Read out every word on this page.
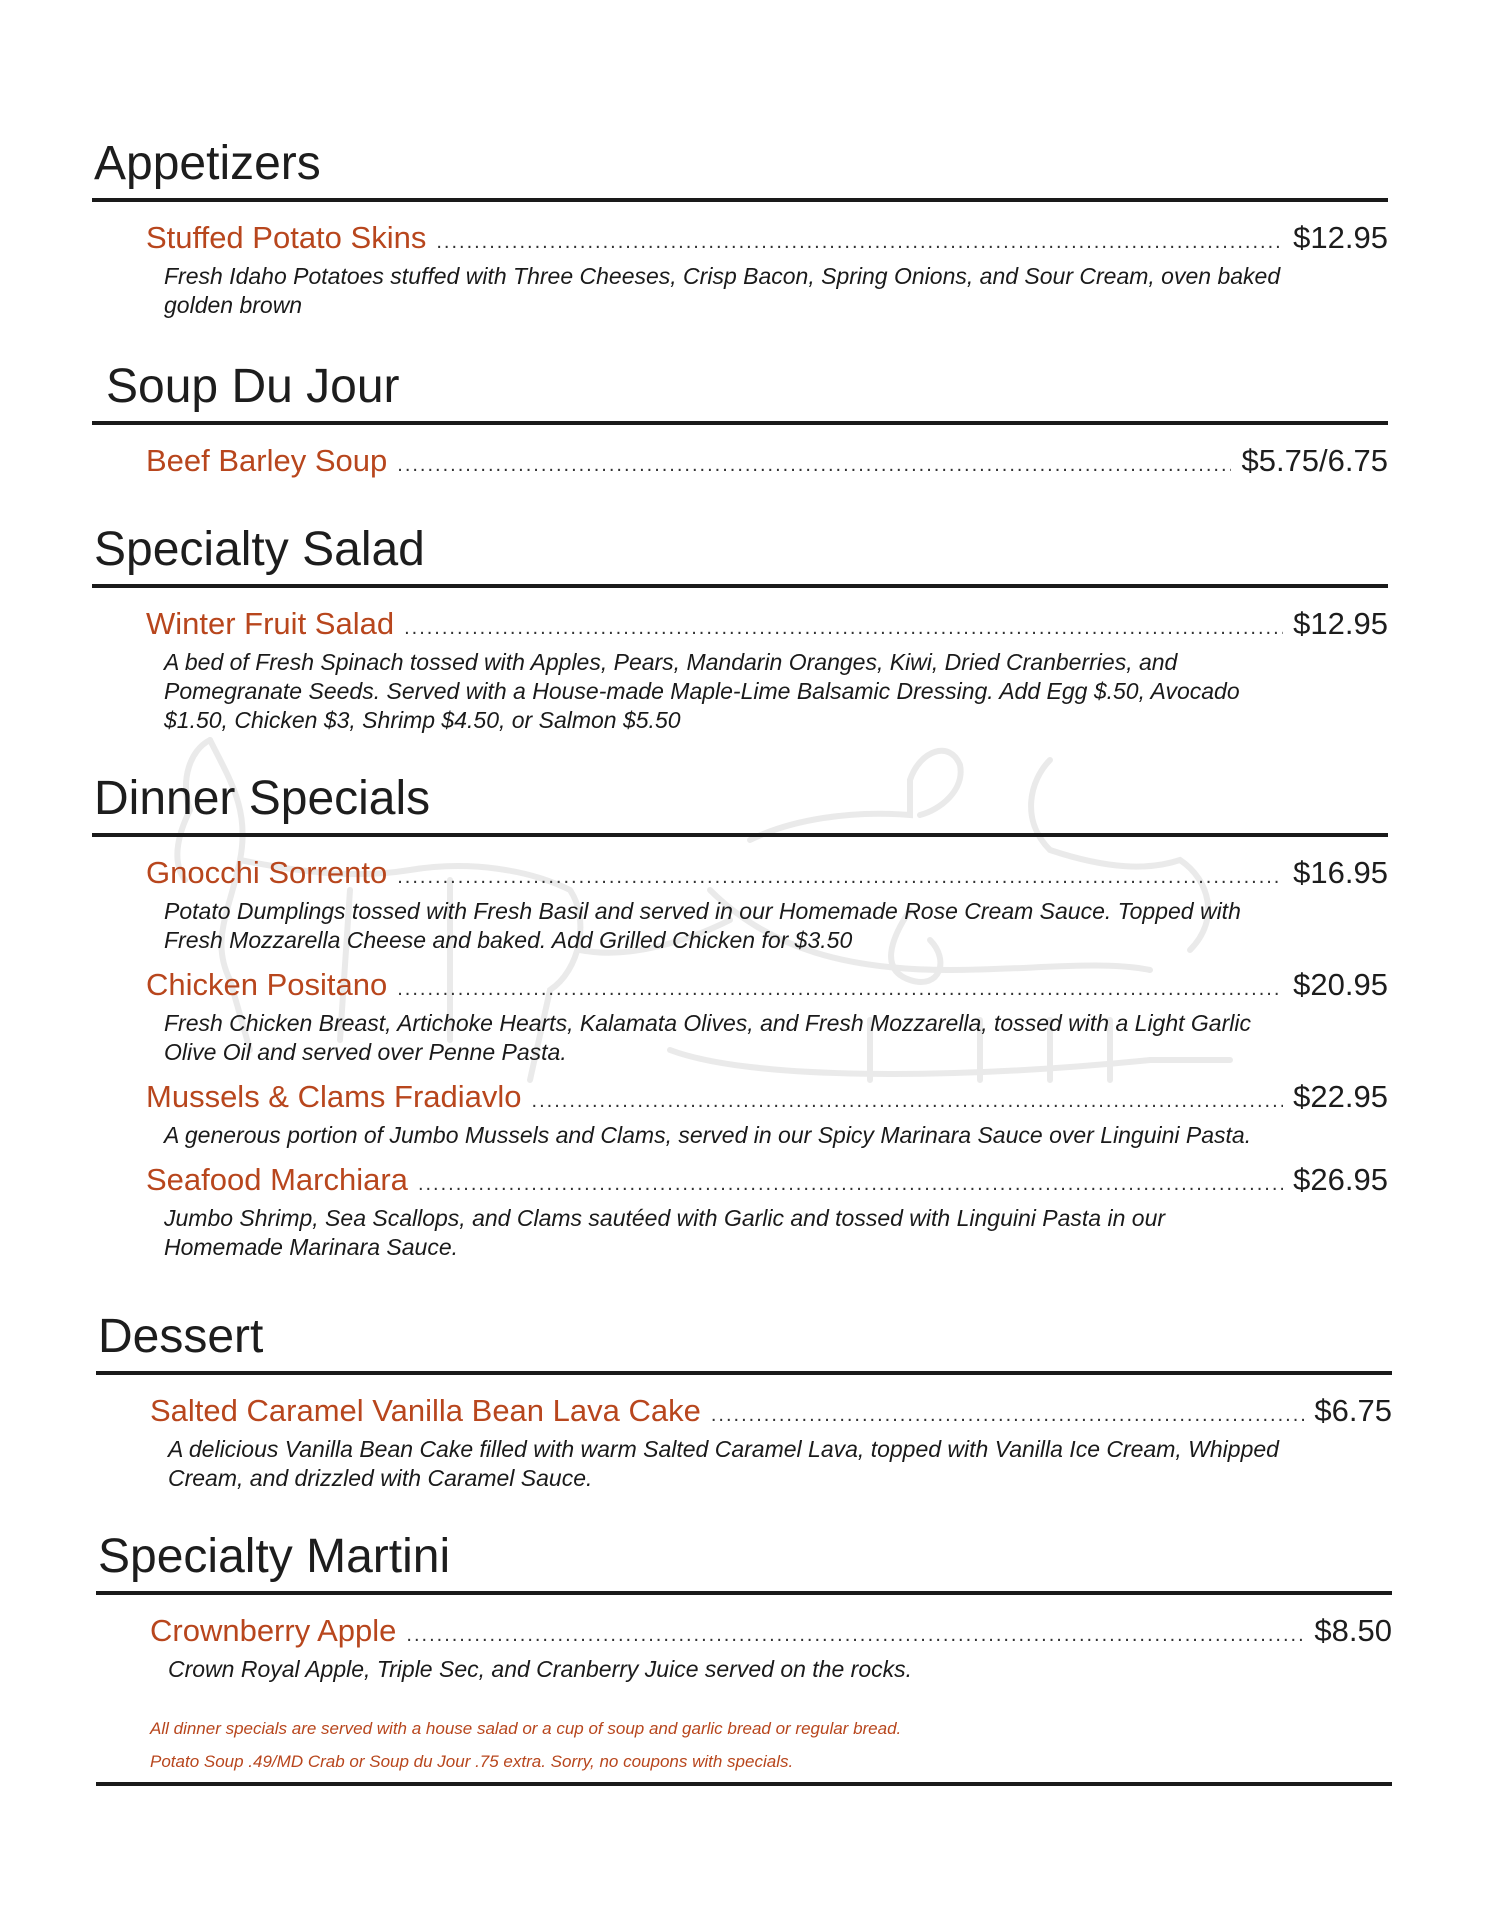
Appetizers
Stuffed Potato Skins .....	$12.95
Fresh Idaho Potatoes stuffed with Three Cheeses, Crisp Bacon, Spring Onions, and Sour Cream, oven baked golden brown
Soup Du Jour
Beef Barley Soup .....	$5.75/6.75
Specialty Salad
Winter Fruit Salad .....	$12.95
A bed of Fresh Spinach tossed with Apples, Pears, Mandarin Oranges, Kiwi, Dried Cranberries, and Pomegranate Seeds. Served with a House-made Maple-Lime Balsamic Dressing. Add Egg $.50, Avocado $1.50, Chicken $3, Shrimp $4.50, or Salmon $5.50
Dinner Specials
Gnocchi Sorrento .....	$16.95
Potato Dumplings tossed with Fresh Basil and served in our Homemade Rose Cream Sauce. Topped with Fresh Mozzarella Cheese and baked. Add Grilled Chicken for $3.50
Chicken Positano .....	$20.95
Fresh Chicken Breast, Artichoke Hearts, Kalamata Olives, and Fresh Mozzarella, tossed with a Light Garlic Olive Oil and served over Penne Pasta.
Mussels & Clams Fradiavlo .....	$22.95
A generous portion of Jumbo Mussels and Clams, served in our Spicy Marinara Sauce over Linguini Pasta.
Seafood Marchiara .....	$26.95
Jumbo Shrimp, Sea Scallops, and Clams sautéed with Garlic and tossed with Linguini Pasta in our Homemade Marinara Sauce.
Dessert
Salted Caramel Vanilla Bean Lava Cake .....	$6.75
A delicious Vanilla Bean Cake filled with warm Salted Caramel Lava, topped with Vanilla Ice Cream, Whipped Cream, and drizzled with Caramel Sauce.
Specialty Martini
Crownberry Apple .....	$8.50
Crown Royal Apple, Triple Sec, and Cranberry Juice served on the rocks.

All dinner specials are served with a house salad or a cup of soup and garlic bread or regular bread.

Potato Soup .49/MD Crab or Soup du Jour .75 extra. Sorry, no coupons with specials.
